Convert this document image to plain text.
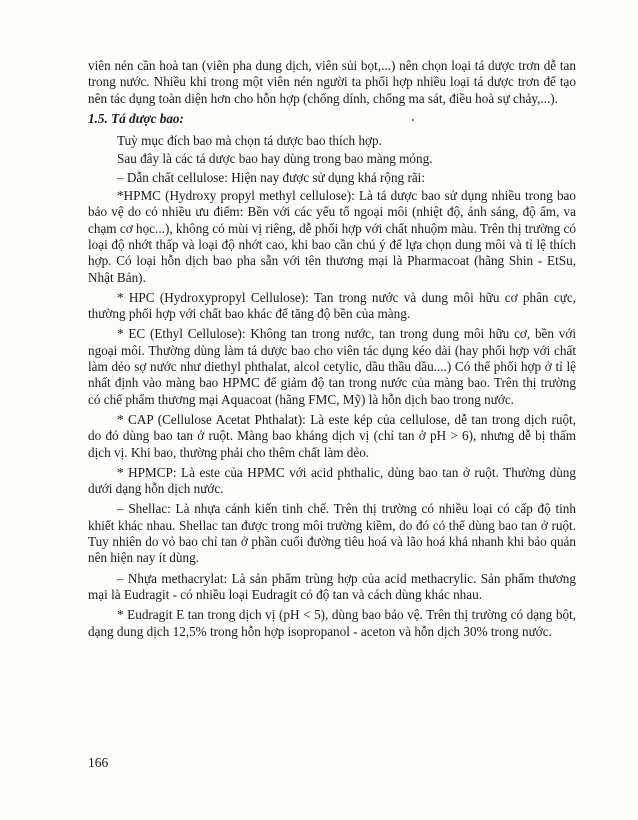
viên nén cần hoà tan (viên pha dung dịch, viên sủi bọt,...) nên chọn loại tá dược trơn dễ tan trong nước. Nhiều khi trong một viên nén người ta phối hợp nhiều loại tá dược trơn để tạo nên tác dụng toàn diện hơn cho hỗn hợp (chống dính, chống ma sát, điều hoà sự chảy,...).

1.5. Tá dược bao:

Tuỳ mục đích bao mà chọn tá dược bao thích hợp.

Sau đây là các tá dược bao hay dùng trong bao màng mỏng.

– Dẫn chất cellulose: Hiện nay được sử dụng khá rộng rãi:

*HPMC (Hydroxy propyl methyl cellulose): Là tá dược bao sử dụng nhiều trong bao bảo vệ do có nhiều ưu điểm: Bền với các yếu tố ngoại môi (nhiệt độ, ánh sáng, độ ẩm, va chạm cơ học...), không có mùi vị riêng, dễ phối hợp với chất nhuộm màu. Trên thị trường có loại độ nhớt thấp và loại độ nhớt cao, khi bao cần chú ý để lựa chọn dung môi và tỉ lệ thích hợp. Có loại hỗn dịch bao pha sẵn với tên thương mại là Pharmacoat (hãng Shin - EtSu, Nhật Bản).

* HPC (Hydroxypropyl Cellulose): Tan trong nước và dung môi hữu cơ phân cực, thường phối hợp với chất bao khác để tăng độ bền của màng.

* EC (Ethyl Cellulose): Không tan trong nước, tan trong dung môi hữu cơ, bền với ngoại môi. Thường dùng làm tá dược bao cho viên tác dụng kéo dài (hay phối hợp với chất làm dẻo sợ nước như diethyl phthalat, alcol cetylic, dầu thầu dầu....) Có thể phối hợp ở tỉ lệ nhất định vào màng bao HPMC để giảm độ tan trong nước của màng bao. Trên thị trường có chế phẩm thương mại Aquacoat (hãng FMC, Mỹ) là hỗn dịch bao trong nước.

* CAP (Cellulose Acetat Phthalat): Là este kép của cellulose, dễ tan trong dịch ruột, do đó dùng bao tan ở ruột. Màng bao kháng dịch vị (chỉ tan ở pH > 6), nhưng dễ bị thấm dịch vị. Khi bao, thường phải cho thêm chất làm dẻo.

* HPMCP: Là este của HPMC với acid phthalic, dùng bao tan ở ruột. Thường dùng dưới dạng hỗn dịch nước.

– Shellac: Là nhựa cánh kiến tinh chế. Trên thị trường có nhiều loại có cấp độ tinh khiết khác nhau. Shellac tan được trong môi trường kiềm, do đó có thể dùng bao tan ở ruột. Tuy nhiên do vỏ bao chỉ tan ở phần cuối đường tiêu hoá và lão hoá khá nhanh khi bảo quản nên hiện nay ít dùng.

– Nhựa methacrylat: Là sản phẩm trùng hợp của acid methacrylic. Sản phẩm thương mại là Eudragit - có nhiều loại Eudragit có độ tan và cách dùng khác nhau.

* Eudragit E tan trong dịch vị (pH < 5), dùng bao bảo vệ. Trên thị trường có dạng bột, dạng dung dịch 12,5% trong hỗn hợp isopropanol - aceton và hỗn dịch 30% trong nước.

166
